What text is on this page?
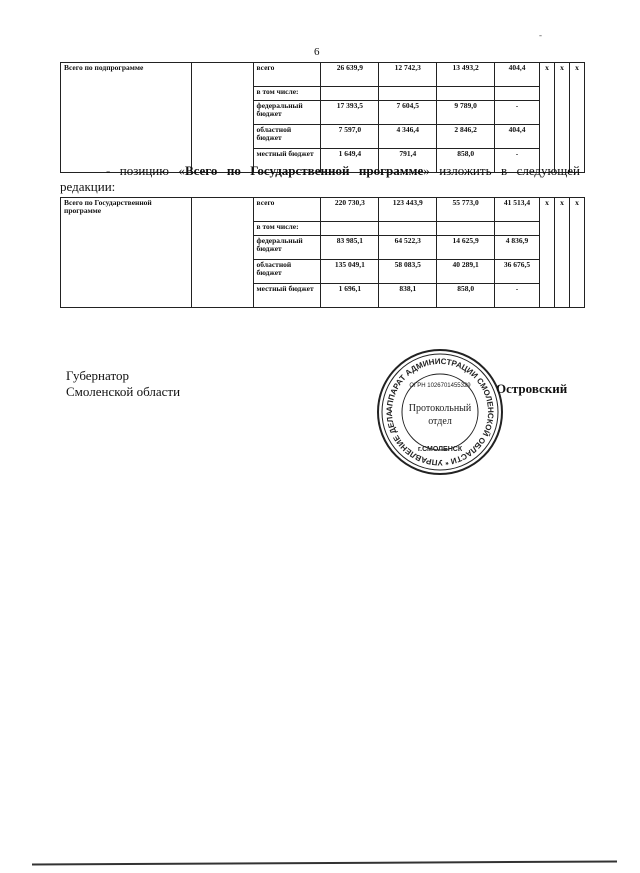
6
-
Всего по подпрограмме		всего	26 639,9	12 742,3	13 493,2	404,4	х	х	х
		в том числе:							
		федеральный бюджет	17 393,5	7 604,5	9 789,0	-			
		областной бюджет	7 597,0	4 346,4	2 846,2	404,4			
		местный бюджет	1 649,4	791,4	858,0	-			
- позицию «Всего по Государственной программе» изложить в следующей редакции:
Всего по Государственной программе		всего	220 730,3	123 443,9	55 773,0	41 513,4	х	х	х
		в том числе:							
		федеральный бюджет	83 985,1	64 522,3	14 625,9	4 836,9			
		областной бюджет	135 049,1	58 083,5	40 289,1	36 676,5			
		местный бюджет	1 696,1	838,1	858,0	-			
Губернатор
Смоленской области
АППАРАТ АДМИНИСТРАЦИИ СМОЛЕНСКОЙ ОБЛАСТИ * УПРАВЛЕНИЕ ДЕЛА
ОГРН 1026701455329
г.СМОЛЕНСК
Протокольный
отдел
Островский
